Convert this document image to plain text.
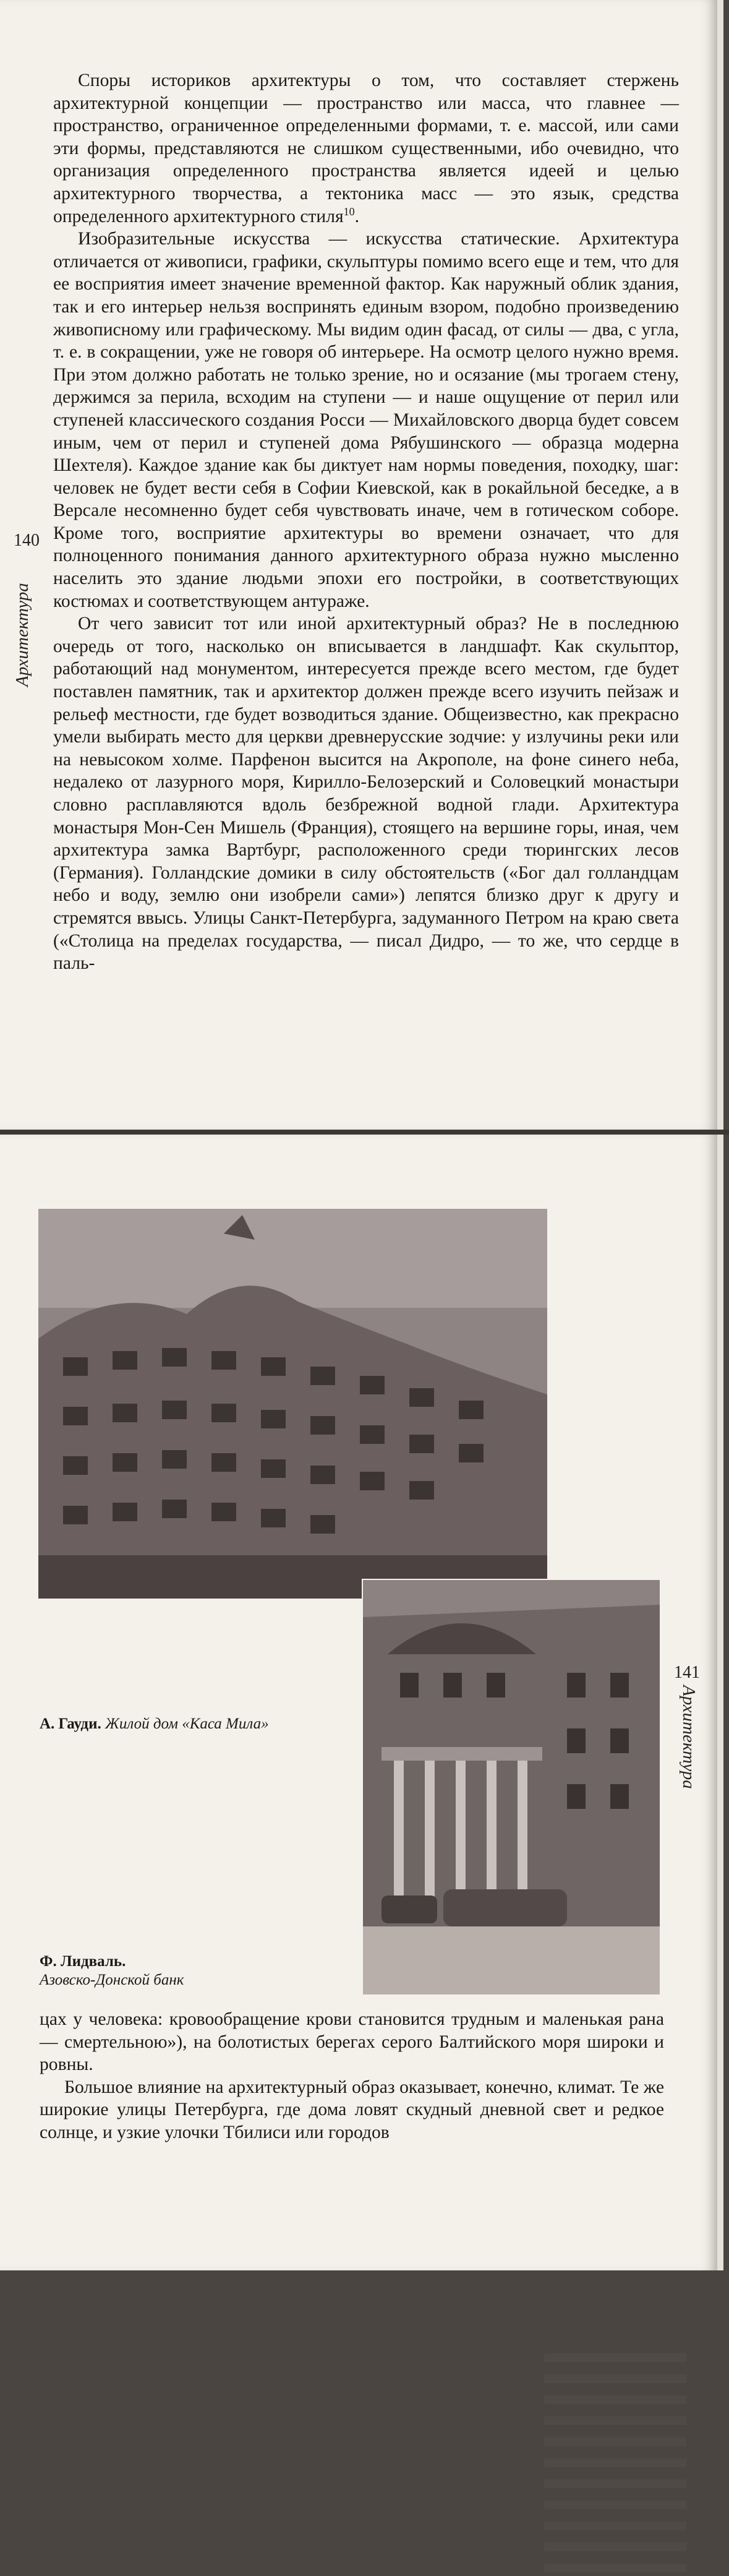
Споры историков архитектуры о том, что составляет стержень архитектурной концепции — пространство или масса, что главнее — пространство, ограниченное определенными формами, т. е. массой, или сами эти формы, представляются не слишком существенными, ибо очевидно, что организация определенного пространства является идеей и целью архитектурного творчества, а тектоника масс — это язык, средства определенного архитектурного стиля$^{10}$.

Изобразительные искусства — искусства статические. Архитектура отличается от живописи, графики, скульптуры помимо всего еще и тем, что для ее восприятия имеет значение временной фактор. Как наружный облик здания, так и его интерьер нельзя воспринять единым взором, подобно произведению живописному или графическому. Мы видим один фасад, от силы — два, с угла, т. е. в сокращении, уже не говоря об интерьере. На осмотр целого нужно время. При этом должно работать не только зрение, но и осязание (мы трогаем стену, держимся за перила, всходим на ступени — и наше ощущение от перил или ступеней классического создания Росси — Михайловского дворца будет совсем иным, чем от перил и ступеней дома Рябушинского — образца модерна Шехтеля). Каждое здание как бы диктует нам нормы поведения, походку, шаг: человек не будет вести себя в Софии Киевской, как в рокайльной беседке, а в Версале несомненно будет себя чувствовать иначе, чем в готическом соборе. Кроме того, восприятие архитектуры во времени означает, что для полноценного понимания данного архитектурного образа нужно мысленно населить это здание людьми эпохи его постройки, в соответствующих костюмах и соответствующем антураже.

От чего зависит тот или иной архитектурный образ? Не в последнюю очередь от того, насколько он вписывается в ландшафт. Как скульптор, работающий над монументом, интересуется прежде всего местом, где будет поставлен памятник, так и архитектор должен прежде всего изучить пейзаж и рельеф местности, где будет возводиться здание. Общеизвестно, как прекрасно умели выбирать место для церкви древнерусские зодчие: у излучины реки или на невысоком холме. Парфенон высится на Акрополе, на фоне синего неба, недалеко от лазурного моря, Кирилло-Белозерский и Соловецкий монастыри словно расплавляются вдоль безбрежной водной глади. Архитектура монастыря Мон-Сен Мишель (Франция), стоящего на вершине горы, иная, чем архитектура замка Вартбург, расположенного среди тюрингских лесов (Германия). Голландские домики в силу обстоятельств («Бог дал голландцам небо и воду, землю они изобрели сами») лепятся близко друг к другу и стремятся ввысь. Улицы Санкт-Петербурга, задуманного Петром на краю света («Столица на пределах государства, — писал Дидро, — то же, что сердце в паль-

140
Архитектура
А. Гауди. Жилой дом «Каса Мила»
Ф. Лидваль.
Азовско-Донской банк
141
Архитектура

цах у человека: кровообращение крови становится трудным и маленькая рана — смертельною»), на болотистых берегах серого Балтийского моря широки и ровны.

Большое влияние на архитектурный образ оказывает, конечно, климат. Те же широкие улицы Петербурга, где дома ловят скудный дневной свет и редкое солнце, и узкие улочки Тбилиси или городов
